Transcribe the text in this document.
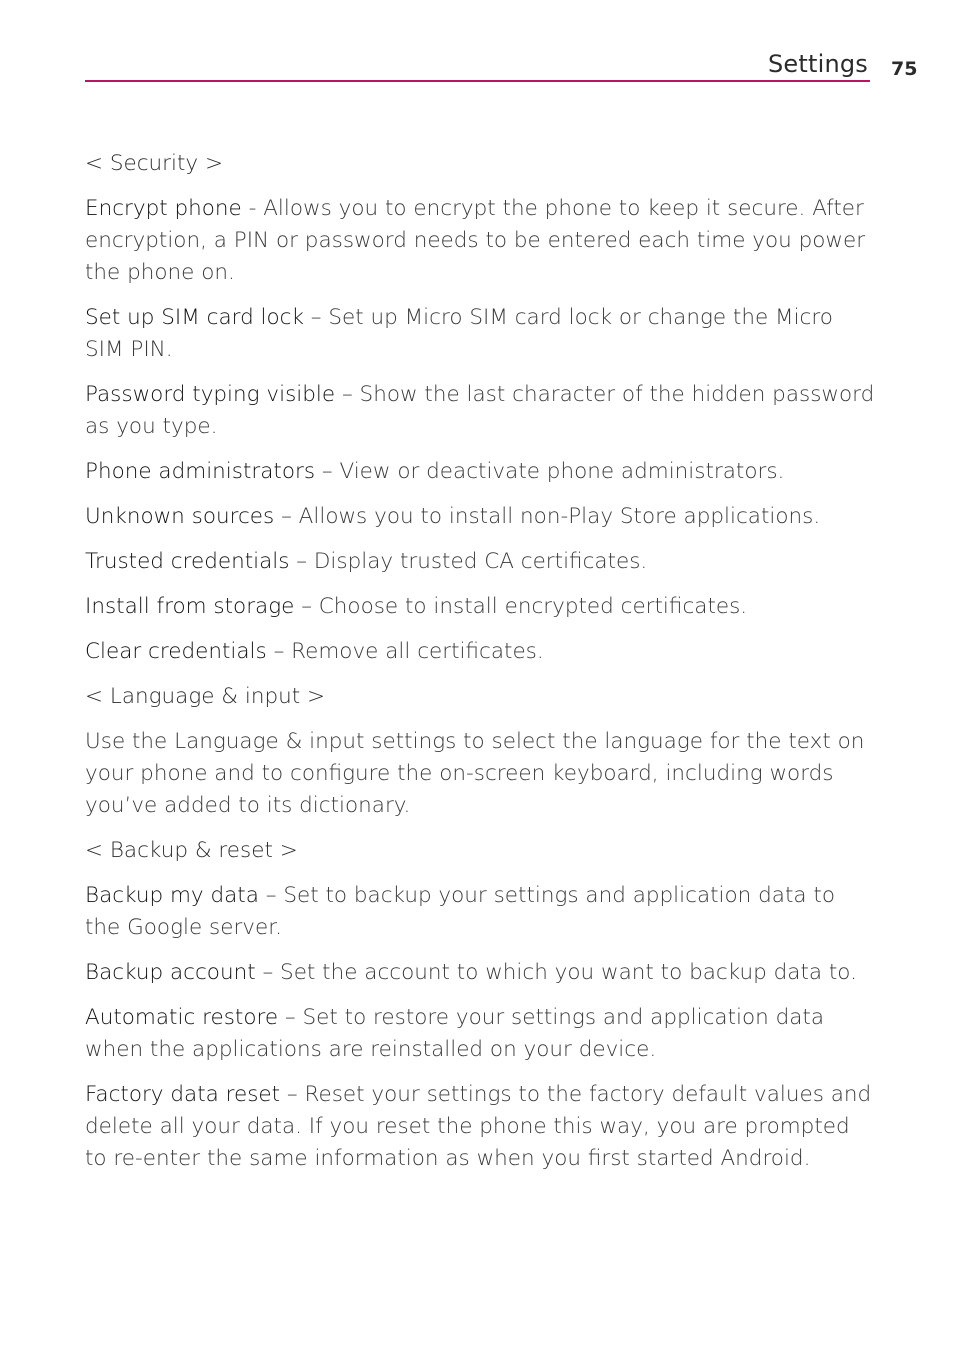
Settings 75
< Security >

Encrypt phone - Allows you to encrypt the phone to keep it secure. After encryption, a PIN or password needs to be entered each time you power the phone on.

Set up SIM card lock – Set up Micro SIM card lock or change the Micro SIM PIN.

Password typing visible – Show the last character of the hidden password as you type.

Phone administrators – View or deactivate phone administrators.

Unknown sources – Allows you to install non-Play Store applications.

Trusted credentials – Display trusted CA certificates.

Install from storage – Choose to install encrypted certificates.

Clear credentials – Remove all certificates.

< Language & input >

Use the Language & input settings to select the language for the text on your phone and to configure the on-screen keyboard, including words you’ve added to its dictionary.

< Backup & reset >

Backup my data – Set to backup your settings and application data to the Google server.

Backup account – Set the account to which you want to backup data to.

Automatic restore – Set to restore your settings and application data when the applications are reinstalled on your device.

Factory data reset – Reset your settings to the factory default values and delete all your data. If you reset the phone this way, you are prompted to re-enter the same information as when you first started Android.
